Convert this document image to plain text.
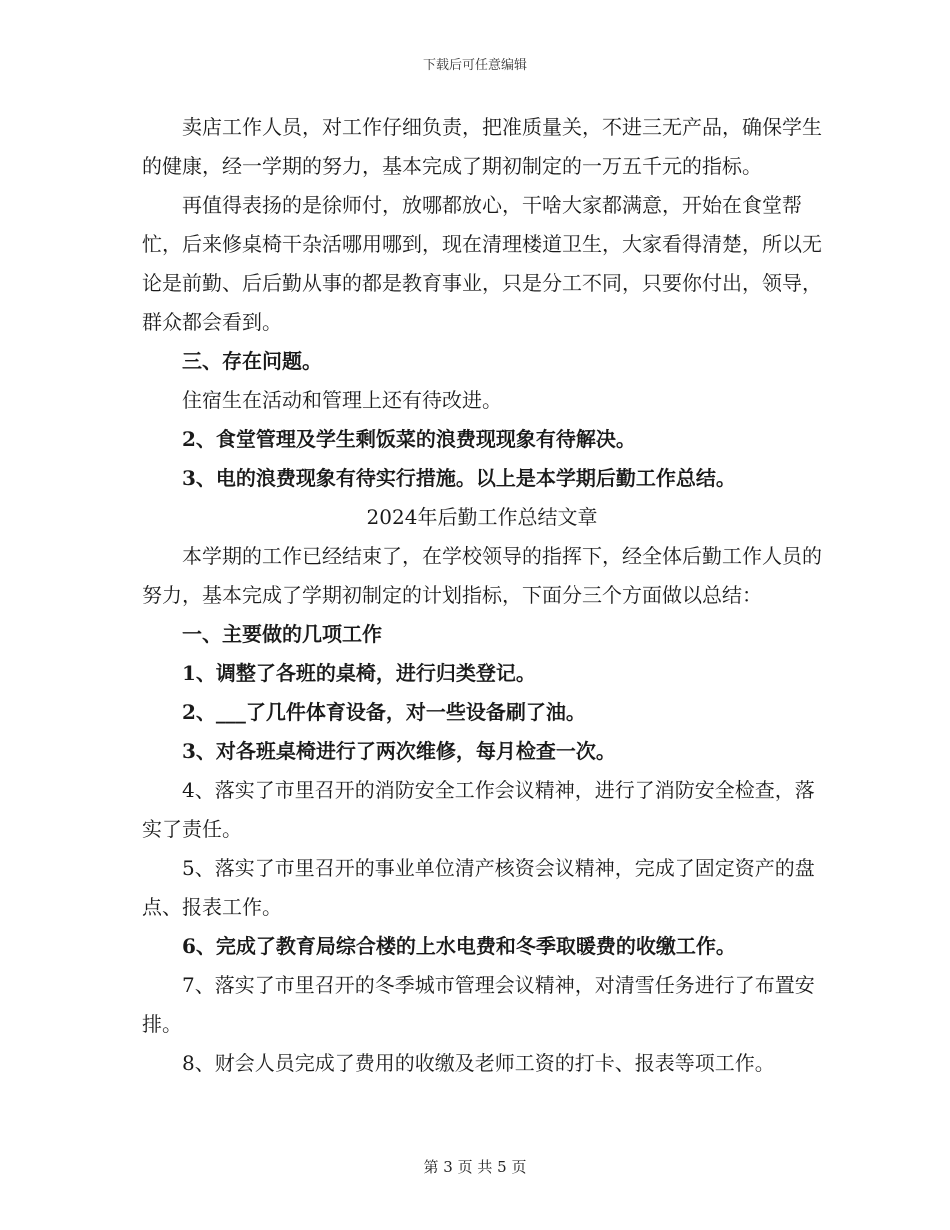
下载后可任意编辑

卖店工作人员，对工作仔细负责，把准质量关，不进三无产品，确保学生的健康，经一学期的努力，基本完成了期初制定的一万五千元的指标。

再值得表扬的是徐师付，放哪都放心，干啥大家都满意，开始在食堂帮忙，后来修桌椅干杂活哪用哪到，现在清理楼道卫生，大家看得清楚，所以无论是前勤、后后勤从事的都是教育事业，只是分工不同，只要你付出，领导，群众都会看到。

三、存在问题。

住宿生在活动和管理上还有待改进。

2、食堂管理及学生剩饭菜的浪费现现象有待解决。

3、电的浪费现象有待实行措施。以上是本学期后勤工作总结。

2024年后勤工作总结文章

本学期的工作已经结束了，在学校领导的指挥下，经全体后勤工作人员的努力，基本完成了学期初制定的计划指标，下面分三个方面做以总结：

一、主要做的几项工作

1、调整了各班的桌椅，进行归类登记。

2、___了几件体育设备，对一些设备刷了油。

3、对各班桌椅进行了两次维修，每月检查一次。

4、落实了市里召开的消防安全工作会议精神，进行了消防安全检查，落实了责任。

5、落实了市里召开的事业单位清产核资会议精神，完成了固定资产的盘点、报表工作。

6、完成了教育局综合楼的上水电费和冬季取暖费的收缴工作。

7、落实了市里召开的冬季城市管理会议精神，对清雪任务进行了布置安排。

8、财会人员完成了费用的收缴及老师工资的打卡、报表等项工作。

第 3 页 共 5 页
